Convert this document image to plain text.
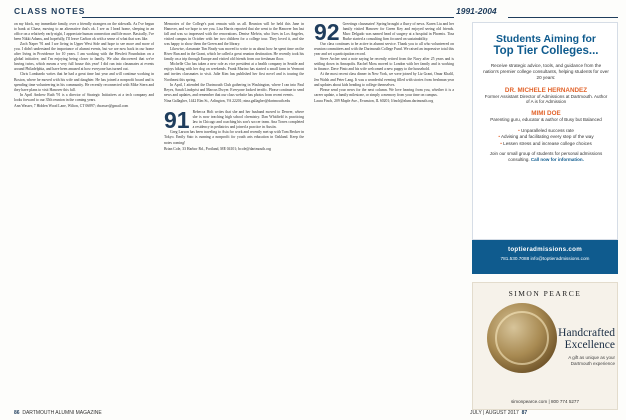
CLASS NOTES	1991-2004

on my block, my immediate family, over a friendly strangers on the sidewalk. As I've begun to bank at Chase, moving to an alternative that's ok. I see as I head home, sleeping in an office on a relatively early night, I appreciate human connection and life more. Basically, I've been Nikki Adams, and hopefully, I'll leave Carlton ok with a sense of what that was like.

Zach Naper '91 and I are living in Upper West Side and hope to see more and more of you. I didn't understand the importance of alumni events, but we are now back in our home after living in Providence for 10 years. I am working with the Hewlett Foundation on a global initiative, and I'm enjoying being closer to family. We also discovered that we're having twins, which means a very full house this year! I did run into classmates at events around Philadelphia, and have been amazed at how everyone has turned out.

Chris Lombardo writes that he had a great time last year and will continue working in Boston, where he moved with his wife and daughter. He has joined a nonprofit board and is spending time volunteering in his community. He recently reconnected with Mike Stern and they have plans to visit Hanover this fall.

In April Andrew Ruth '91 is a director of Strategic Initiatives at a tech company and looks forward to our 35th reunion in the coming years.

Ann Wasser, 7 Hidden Wood Lane, Wilton, CT 06897; dwasser@gmail.com

Memories of the College's past remain with us all. Reunion will be held this June in Hanover, and we hope to see you. Lisa Harris reported that she went to the Hanover Inn last fall and was so impressed with the renovations. Denise Melvin, who lives in Los Angeles, visited campus in October with her two children for a college tour. They loved it, and she was happy to show them the Green and the library.

Likewise, classmate Tim Brady was moved to write to us about how he spent time on the River Run and in the Grant, which he called a great reunion destination. He recently took his family on a trip through Europe and visited old friends from our freshman floor.

Michelle Cho has taken a new role as vice president at a health company in Seattle and enjoys hiking with her dog on weekends. Frank Marino has started a small farm in Vermont and invites classmates to visit. Julie Kim has published her first novel and is touring the Northeast this spring.

In April, I attended the Dartmouth Club gathering in Washington, where I ran into Paul Reyes, Sarah Lindqvist and Marcus Dwyer. Everyone looked terrific. Please continue to send news and updates, and remember that our class website has photos from recent events.

Nina Gallagher, 1442 Elm St., Arlington, VA 22201; nina.gallagher@dartmouth.edu

91 Rebecca Holt writes that she and her husband moved to Denver, where she is now teaching high school chemistry. Dan Whitfield is practicing law in Chicago and coaching his son's soccer team. Ana Torres completed a residency in pediatrics and joined a practice in Austin.

Greg Larson has been traveling to Asia for work and recently met up with Tom Becker in Tokyo. Emily Sato is running a nonprofit for youth arts education in Oakland. Keep the notes coming!

Brian Cole, 33 Harbor Rd., Portland, ME 04101; bcole@dartmouth.org

92 Greetings classmates! Spring brought a flurry of news. Karen Liu and her family visited Hanover for Green Key and enjoyed seeing old friends. Marc Delgado was named head of surgery at a hospital in Phoenix. Tina Burke started a consulting firm focused on sustainability.

Our class continues to be active in alumni service. Thank you to all who volunteered on reunion committees and with the Dartmouth College Fund. We raised an impressive total this year and set a participation record.

Steve Archer sent a note saying he recently retired from the Navy after 25 years and is settling down in Annapolis. Rachel Moss moved to London with her family and is working in finance. Dave Pinto and his wife welcomed a new puppy to the household.

At the most recent class dinner in New York, we were joined by Liz Grant, Omar Khalil, Jen Walsh and Peter Lang. It was a wonderful evening filled with stories from freshman year and updates about kids heading to college themselves.

Please send your news for the next column. We love hearing from you, whether it is a career update, a family milestone, or simply a memory from your time on campus.

Laura Finch, 209 Maple Ave., Evanston, IL 60201; lfinch@alum.dartmouth.org

Students Aiming for
Top Tier Colleges...
Receive strategic advice, tools, and guidance from the nation's premier college consultants, helping students for over 20 years:
DR. MICHELE HERNANDEZ
Former Assistant Director of Admissions at Dartmouth. Author of A is for Admission
MIMI DOE
Parenting guru, educator & author of Busy but Balanced
• Unparalleled success rate
• Advising and facilitating every step of the way
• Lessen stress and increase college choices
Join our small group of students for personal admissions consulting. Call now for information.
toptieradmissions.com
781.530.7088 info@toptieradmissions.com
SIMON PEARCE
Handcrafted Excellence
A gift as unique as your Dartmouth experience
simonpearce.com | 800 774 5277
86 DARTMOUTH ALUMNI MAGAZINE	JULY | AUGUST 2017 87
